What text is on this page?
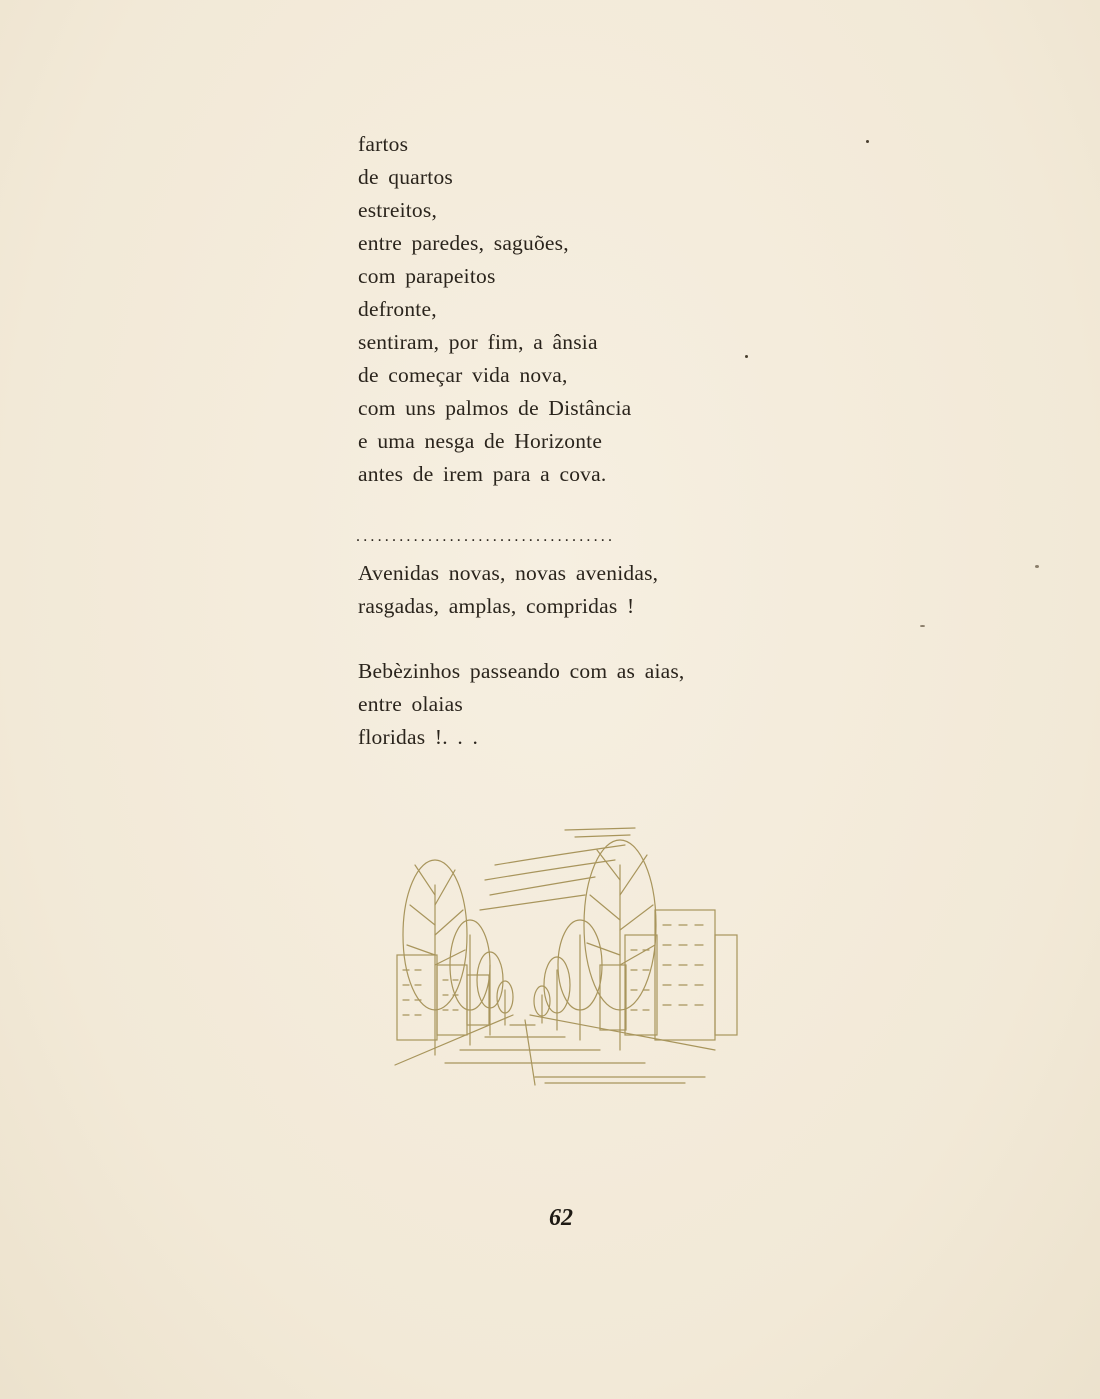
fartos
de quartos
estreitos,
entre paredes, saguões,
com parapeitos
defronte,
sentiram, por fim, a ânsia
de começar vida nova,
com uns palmos de Distância
e uma nesga de Horizonte
antes de irem para a cova.
....................................
Avenidas novas, novas avenidas,
rasgadas, amplas, compridas !
Bebèzinhos passeando com as aias,
entre olaias
floridas !. . .
62
